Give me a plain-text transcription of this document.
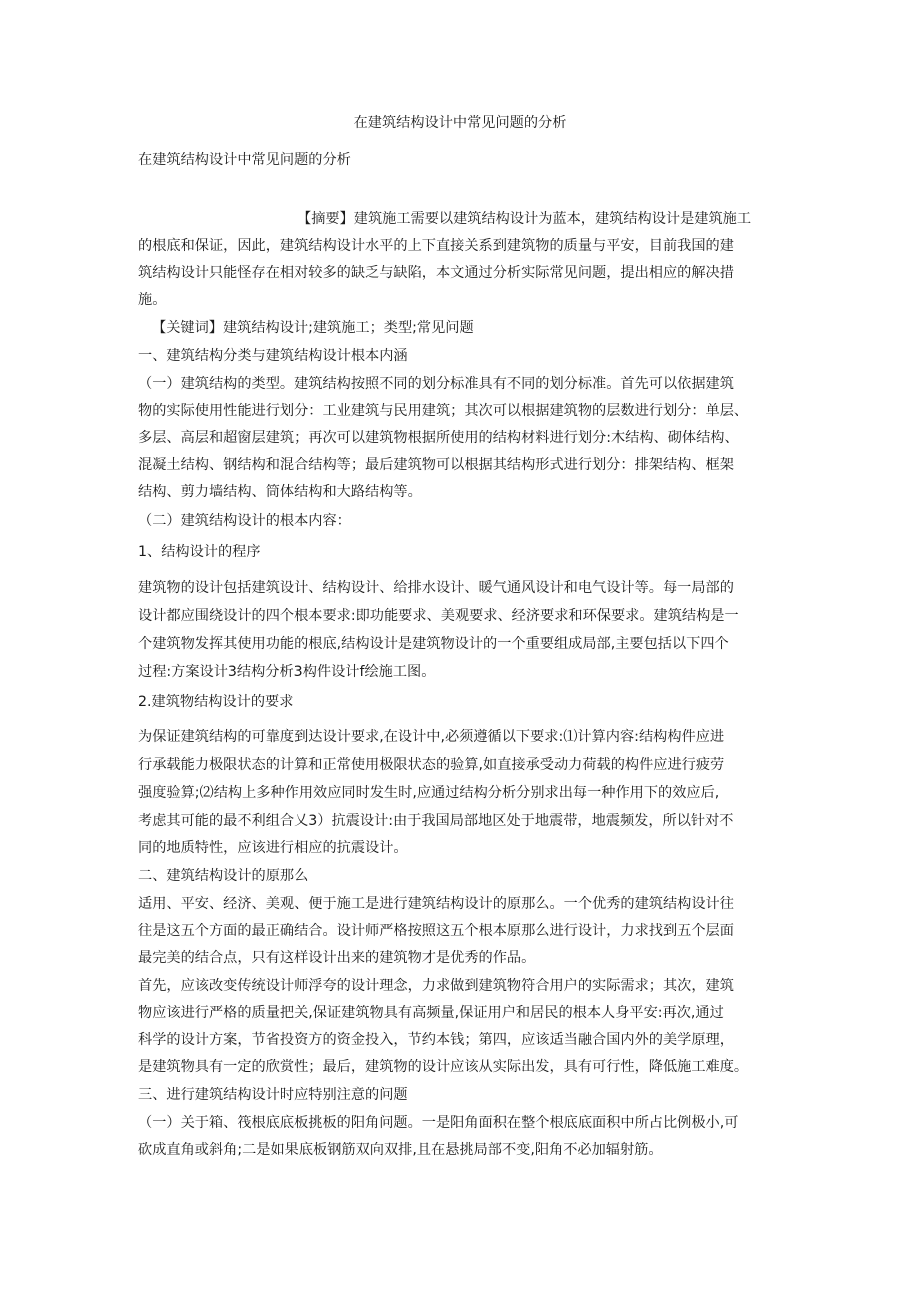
在建筑结构设计中常见问题的分析

在建筑结构设计中常见问题的分析

【摘要】建筑施工需要以建筑结构设计为蓝本，建筑结构设计是建筑施工

的根底和保证，因此，建筑结构设计水平的上下直接关系到建筑物的质量与平安，目前我国的建

筑结构设计只能怪存在相对较多的缺乏与缺陷，本文通过分析实际常见问题，提出相应的解决措

施。

【关键词】建筑结构设计;建筑施工；类型;常见问题

一、建筑结构分类与建筑结构设计根本内涵

（一）建筑结构的类型。建筑结构按照不同的划分标准具有不同的划分标准。首先可以依据建筑

物的实际使用性能进行划分：工业建筑与民用建筑；其次可以根据建筑物的层数进行划分：单层、

多层、高层和超窗层建筑；再次可以建筑物根据所使用的结构材料进行划分:木结构、砌体结构、

混凝土结构、钢结构和混合结构等；最后建筑物可以根据其结构形式进行划分：排架结构、框架

结构、剪力墙结构、筒体结构和大路结构等。

（二）建筑结构设计的根本内容：

1、结构设计的程序

建筑物的设计包括建筑设计、结构设计、给排水设计、暖气通风设计和电气设计等。每一局部的

设计都应围绕设计的四个根本要求:即功能要求、美观要求、经济要求和环保要求。建筑结构是一

个建筑物发挥其使用功能的根底,结构设计是建筑物设计的一个重要组成局部,主要包括以下四个

过程:方案设计3结构分析3构件设计f绘施工图。

2.建筑物结构设计的要求

为保证建筑结构的可靠度到达设计要求,在设计中,必须遵循以下要求:⑴计算内容:结构构件应进

行承载能力极限状态的计算和正常使用极限状态的验算,如直接承受动力荷载的构件应进行疲劳

强度验算;⑵结构上多种作用效应同时发生时,应通过结构分析分别求出每一种作用下的效应后,

考虑其可能的最不利组合乂3）抗震设计:由于我国局部地区处于地震带，地震频发，所以针对不

同的地质特性，应该进行相应的抗震设计。

二、建筑结构设计的原那么

适用、平安、经济、美观、便于施工是进行建筑结构设计的原那么。一个优秀的建筑结构设计往

往是这五个方面的最正确结合。设计师严格按照这五个根本原那么进行设计，力求找到五个层面

最完美的结合点，只有这样设计出来的建筑物才是优秀的作品。

首先，应该改变传统设计师浮夸的设计理念，力求做到建筑物符合用户的实际需求；其次，建筑

物应该进行严格的质量把关,保证建筑物具有高频量,保证用户和居民的根本人身平安:再次,通过

科学的设计方案，节省投资方的资金投入，节约本钱；第四，应该适当融合国内外的美学原理，

是建筑物具有一定的欣赏性；最后，建筑物的设计应该从实际出发，具有可行性，降低施工难度。

三、进行建筑结构设计时应特别注意的问题

（一）关于箱、筏根底底板挑板的阳角问题。一是阳角面积在整个根底底面积中所占比例极小,可

砍成直角或斜角;二是如果底板钢筋双向双排,且在悬挑局部不变,阳角不必加辐射筋。
